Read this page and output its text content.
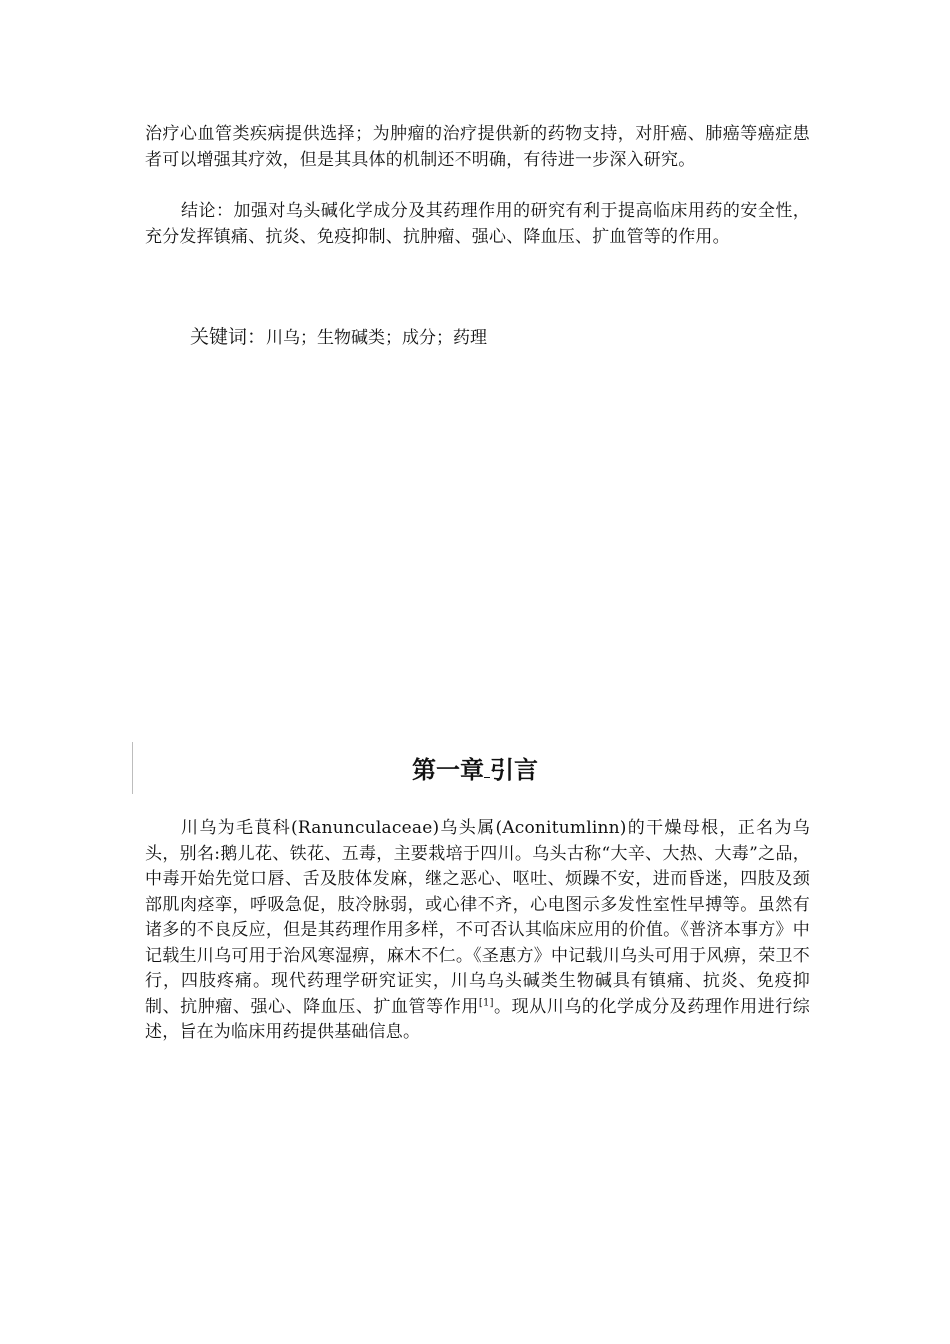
治疗心血管类疾病提供选择；为肿瘤的治疗提供新的药物支持，对肝癌、肺癌等癌症患者可以增强其疗效，但是其具体的机制还不明确，有待进一步深入研究。

结论：加强对乌头碱化学成分及其药理作用的研究有利于提高临床用药的安全性，充分发挥镇痛、抗炎、免疫抑制、抗肿瘤、强心、降血压、扩血管等的作用。

关键词：川乌；生物碱类；成分；药理

第一章 引言

川乌为毛茛科(Ranunculaceae)乌头属(Aconitumlinn)的干燥母根，正名为乌头，别名:鹅儿花、铁花、五毒，主要栽培于四川。乌头古称“大辛、大热、大毒”之品，中毒开始先觉口唇、舌及肢体发麻，继之恶心、呕吐、烦躁不安，进而昏迷，四肢及颈部肌肉痉挛，呼吸急促，肢冷脉弱，或心律不齐，心电图示多发性室性早搏等。虽然有诸多的不良反应，但是其药理作用多样，不可否认其临床应用的价值。《普济本事方》中记载生川乌可用于治风寒湿痹，麻木不仁。《圣惠方》中记载川乌头可用于风痹，荣卫不行，四肢疼痛。现代药理学研究证实，川乌乌头碱类生物碱具有镇痛、抗炎、免疫抑制、抗肿瘤、强心、降血压、扩血管等作用[1]。现从川乌的化学成分及药理作用进行综述，旨在为临床用药提供基础信息。
